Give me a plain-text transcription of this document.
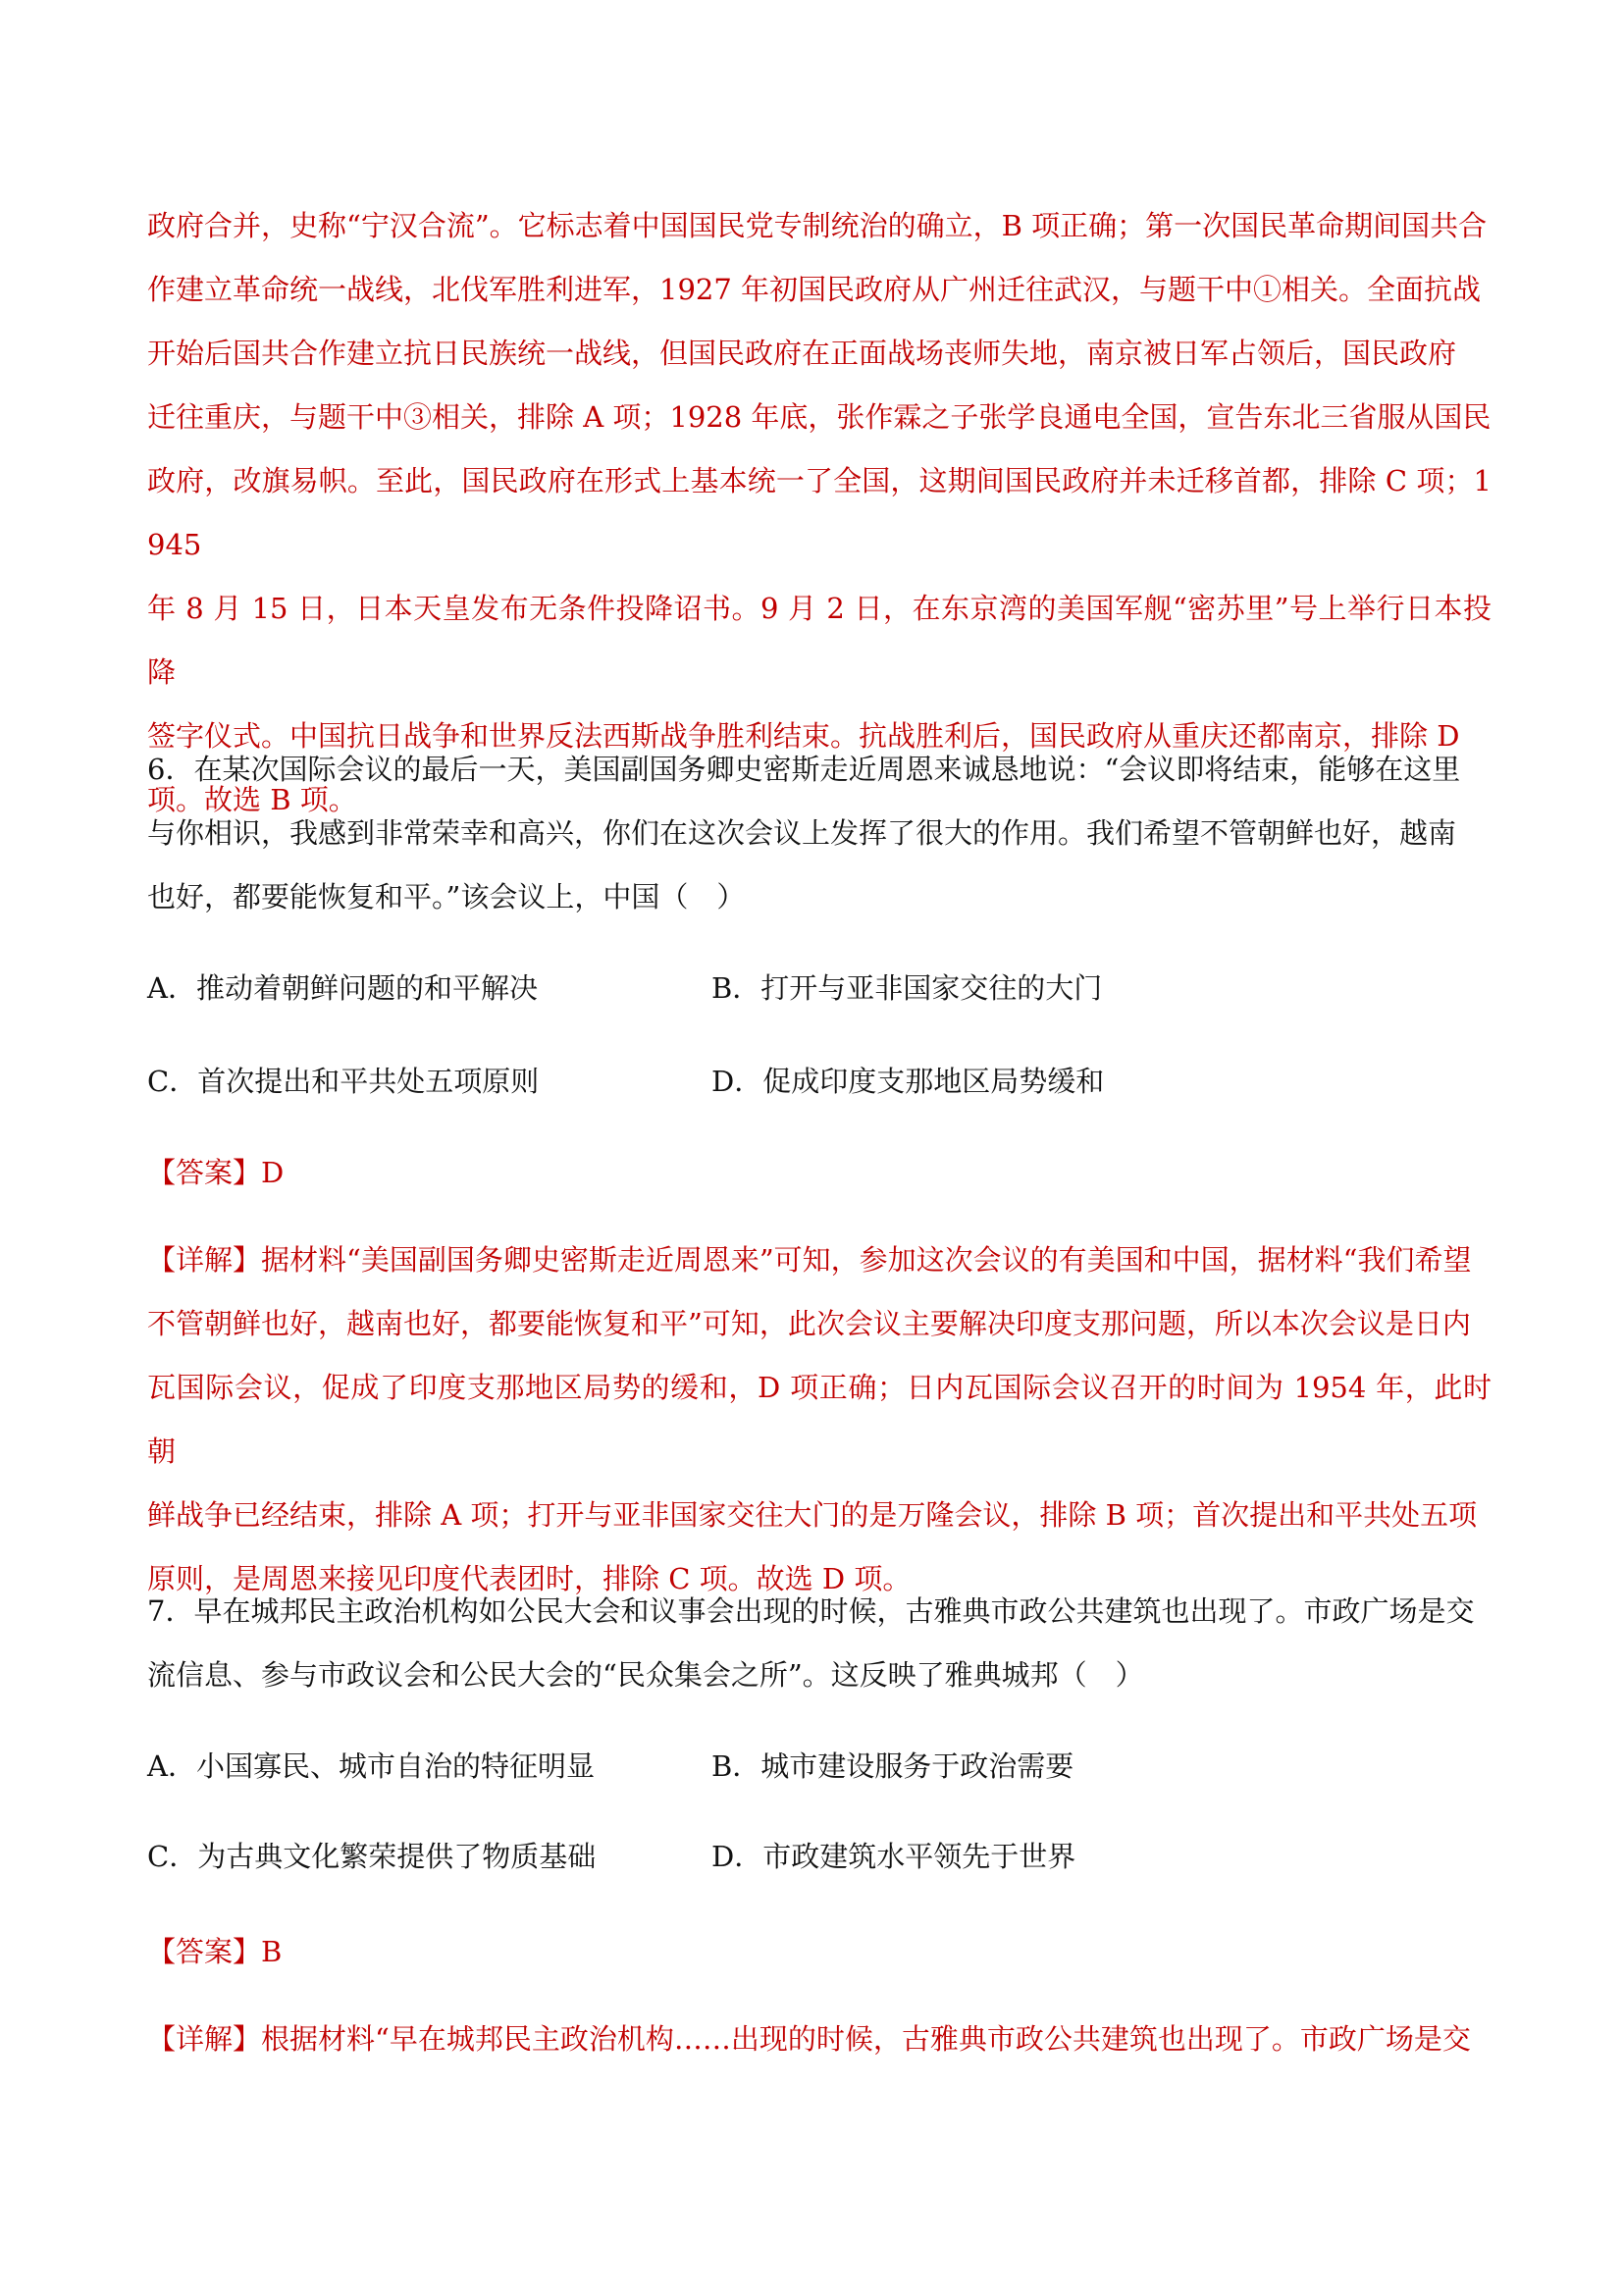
政府合并，史称“宁汉合流”。它标志着中国国民党专制统治的确立，B 项正确；第一次国民革命期间国共合
作建立革命统一战线，北伐军胜利进军，1927 年初国民政府从广州迁往武汉，与题干中①相关。全面抗战
开始后国共合作建立抗日民族统一战线，但国民政府在正面战场丧师失地，南京被日军占领后，国民政府
迁往重庆，与题干中③相关，排除 A 项；1928 年底，张作霖之子张学良通电全国，宣告东北三省服从国民
政府，改旗易帜。至此，国民政府在形式上基本统一了全国，这期间国民政府并未迁移首都，排除 C 项；1945
年 8 月 15 日，日本天皇发布无条件投降诏书。9 月 2 日，在东京湾的美国军舰“密苏里”号上举行日本投降
签字仪式。中国抗日战争和世界反法西斯战争胜利结束。抗战胜利后，国民政府从重庆还都南京，排除 D
项。故选 B 项。

6．在某次国际会议的最后一天，美国副国务卿史密斯走近周恩来诚恳地说：“会议即将结束，能够在这里
与你相识，我感到非常荣幸和高兴，你们在这次会议上发挥了很大的作用。我们希望不管朝鲜也好，越南
也好，都要能恢复和平。”该会议上，中国（　）

A．推动着朝鲜问题的和平解决	B．打开与亚非国家交往的大门
C．首次提出和平共处五项原则	D．促成印度支那地区局势缓和
【答案】D

【详解】据材料“美国副国务卿史密斯走近周恩来”可知，参加这次会议的有美国和中国，据材料“我们希望
不管朝鲜也好，越南也好，都要能恢复和平”可知，此次会议主要解决印度支那问题，所以本次会议是日内
瓦国际会议，促成了印度支那地区局势的缓和，D 项正确；日内瓦国际会议召开的时间为 1954 年，此时朝
鲜战争已经结束，排除 A 项；打开与亚非国家交往大门的是万隆会议，排除 B 项；首次提出和平共处五项
原则，是周恩来接见印度代表团时，排除 C 项。故选 D 项。

7．早在城邦民主政治机构如公民大会和议事会出现的时候，古雅典市政公共建筑也出现了。市政广场是交
流信息、参与市政议会和公民大会的“民众集会之所”。这反映了雅典城邦（　）

A．小国寡民、城市自治的特征明显	B．城市建设服务于政治需要
C．为古典文化繁荣提供了物质基础	D．市政建筑水平领先于世界
【答案】B

【详解】根据材料“早在城邦民主政治机构……出现的时候，古雅典市政公共建筑也出现了。市政广场是交
